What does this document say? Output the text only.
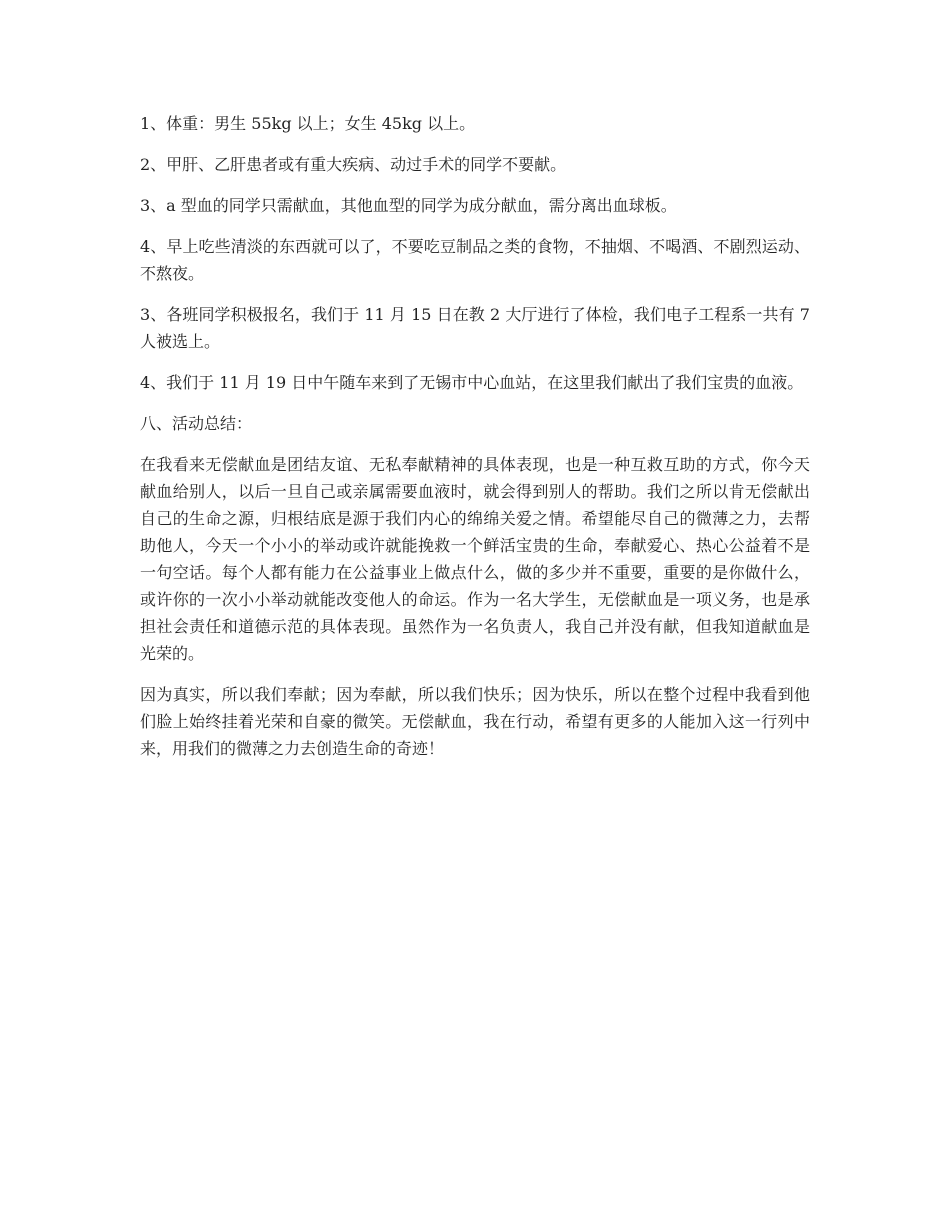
1、体重：男生 55kg 以上；女生 45kg 以上。

2、甲肝、乙肝患者或有重大疾病、动过手术的同学不要献。

3、a 型血的同学只需献血，其他血型的同学为成分献血，需分离出血球板。

4、早上吃些清淡的东西就可以了，不要吃豆制品之类的食物，不抽烟、不喝酒、不剧烈运动、不熬夜。

3、各班同学积极报名，我们于 11 月 15 日在教 2 大厅进行了体检，我们电子工程系一共有 7 人被选上。

4、我们于 11 月 19 日中午随车来到了无锡市中心血站，在这里我们献出了我们宝贵的血液。

八、活动总结：

在我看来无偿献血是团结友谊、无私奉献精神的具体表现，也是一种互救互助的方式，你今天献血给别人，以后一旦自己或亲属需要血液时，就会得到别人的帮助。我们之所以肯无偿献出自己的生命之源，归根结底是源于我们内心的绵绵关爱之情。希望能尽自己的微薄之力，去帮助他人，今天一个小小的举动或许就能挽救一个鲜活宝贵的生命，奉献爱心、热心公益着不是一句空话。每个人都有能力在公益事业上做点什么，做的多少并不重要，重要的是你做什么，或许你的一次小小举动就能改变他人的命运。作为一名大学生，无偿献血是一项义务，也是承担社会责任和道德示范的具体表现。虽然作为一名负责人，我自己并没有献，但我知道献血是光荣的。

因为真实，所以我们奉献；因为奉献，所以我们快乐；因为快乐，所以在整个过程中我看到他们脸上始终挂着光荣和自豪的微笑。无偿献血，我在行动，希望有更多的人能加入这一行列中来，用我们的微薄之力去创造生命的奇迹！
